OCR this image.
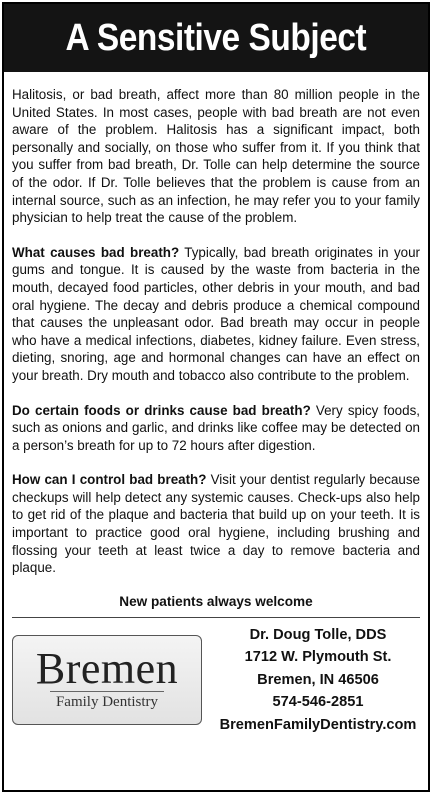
A Sensitive Subject

Halitosis, or bad breath, affect more than 80 million people in the United States. In most cases, people with bad breath are not even aware of the problem. Halitosis has a significant impact, both personally and socially, on those who suffer from it. If you think that you suffer from bad breath, Dr. Tolle can help determine the source of the odor. If Dr. Tolle believes that the problem is cause from an internal source, such as an infection, he may refer you to your family physician to help treat the cause of the problem.

What causes bad breath? Typically, bad breath originates in your gums and tongue. It is caused by the waste from bacteria in the mouth, decayed food particles, other debris in your mouth, and bad oral hygiene. The decay and debris produce a chemical compound that causes the unpleasant odor. Bad breath may occur in people who have a medical infections, diabetes, kidney failure. Even stress, dieting, snoring, age and hormonal changes can have an effect on your breath. Dry mouth and tobacco also contribute to the problem.

Do certain foods or drinks cause bad breath? Very spicy foods, such as onions and garlic, and drinks like coffee may be detected on a person’s breath for up to 72 hours after digestion.

How can I control bad breath? Visit your dentist regularly because checkups will help detect any systemic causes. Check-ups also help to get rid of the plaque and bacteria that build up on your teeth. It is important to practice good oral hygiene, including brushing and flossing your teeth at least twice a day to remove bacteria and plaque.

New patients always welcome
Bremen
Family Dentistry
Dr. Doug Tolle, DDS
1712 W. Plymouth St.
Bremen, IN 46506
574-546-2851
BremenFamilyDentistry.com
